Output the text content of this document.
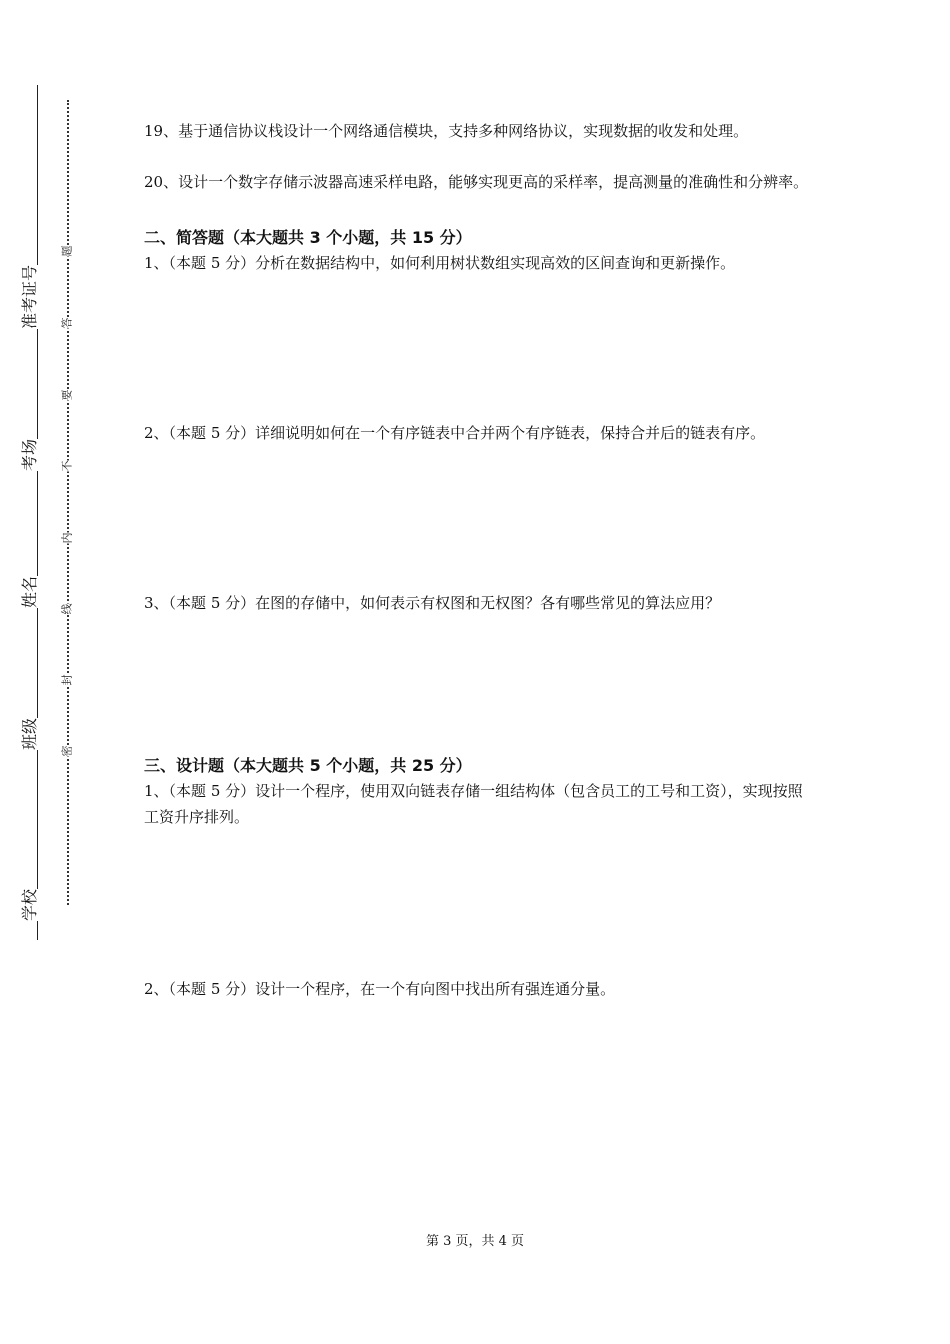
准考证号
考场
姓名
班级
学校
题
答
要
不
内
线
封
密

19、基于通信协议栈设计一个网络通信模块，支持多种网络协议，实现数据的收发和处理。

20、设计一个数字存储示波器高速采样电路，能够实现更高的采样率，提高测量的准确性和分辨率。

二、简答题（本大题共 3 个小题，共 15 分）

1、（本题 5 分）分析在数据结构中，如何利用树状数组实现高效的区间查询和更新操作。

2、（本题 5 分）详细说明如何在一个有序链表中合并两个有序链表，保持合并后的链表有序。

3、（本题 5 分）在图的存储中，如何表示有权图和无权图？各有哪些常见的算法应用？

三、设计题（本大题共 5 个小题，共 25 分）

1、（本题 5 分）设计一个程序，使用双向链表存储一组结构体（包含员工的工号和工资），实现按照工资升序排列。

2、（本题 5 分）设计一个程序，在一个有向图中找出所有强连通分量。

第 3 页，共 4 页
